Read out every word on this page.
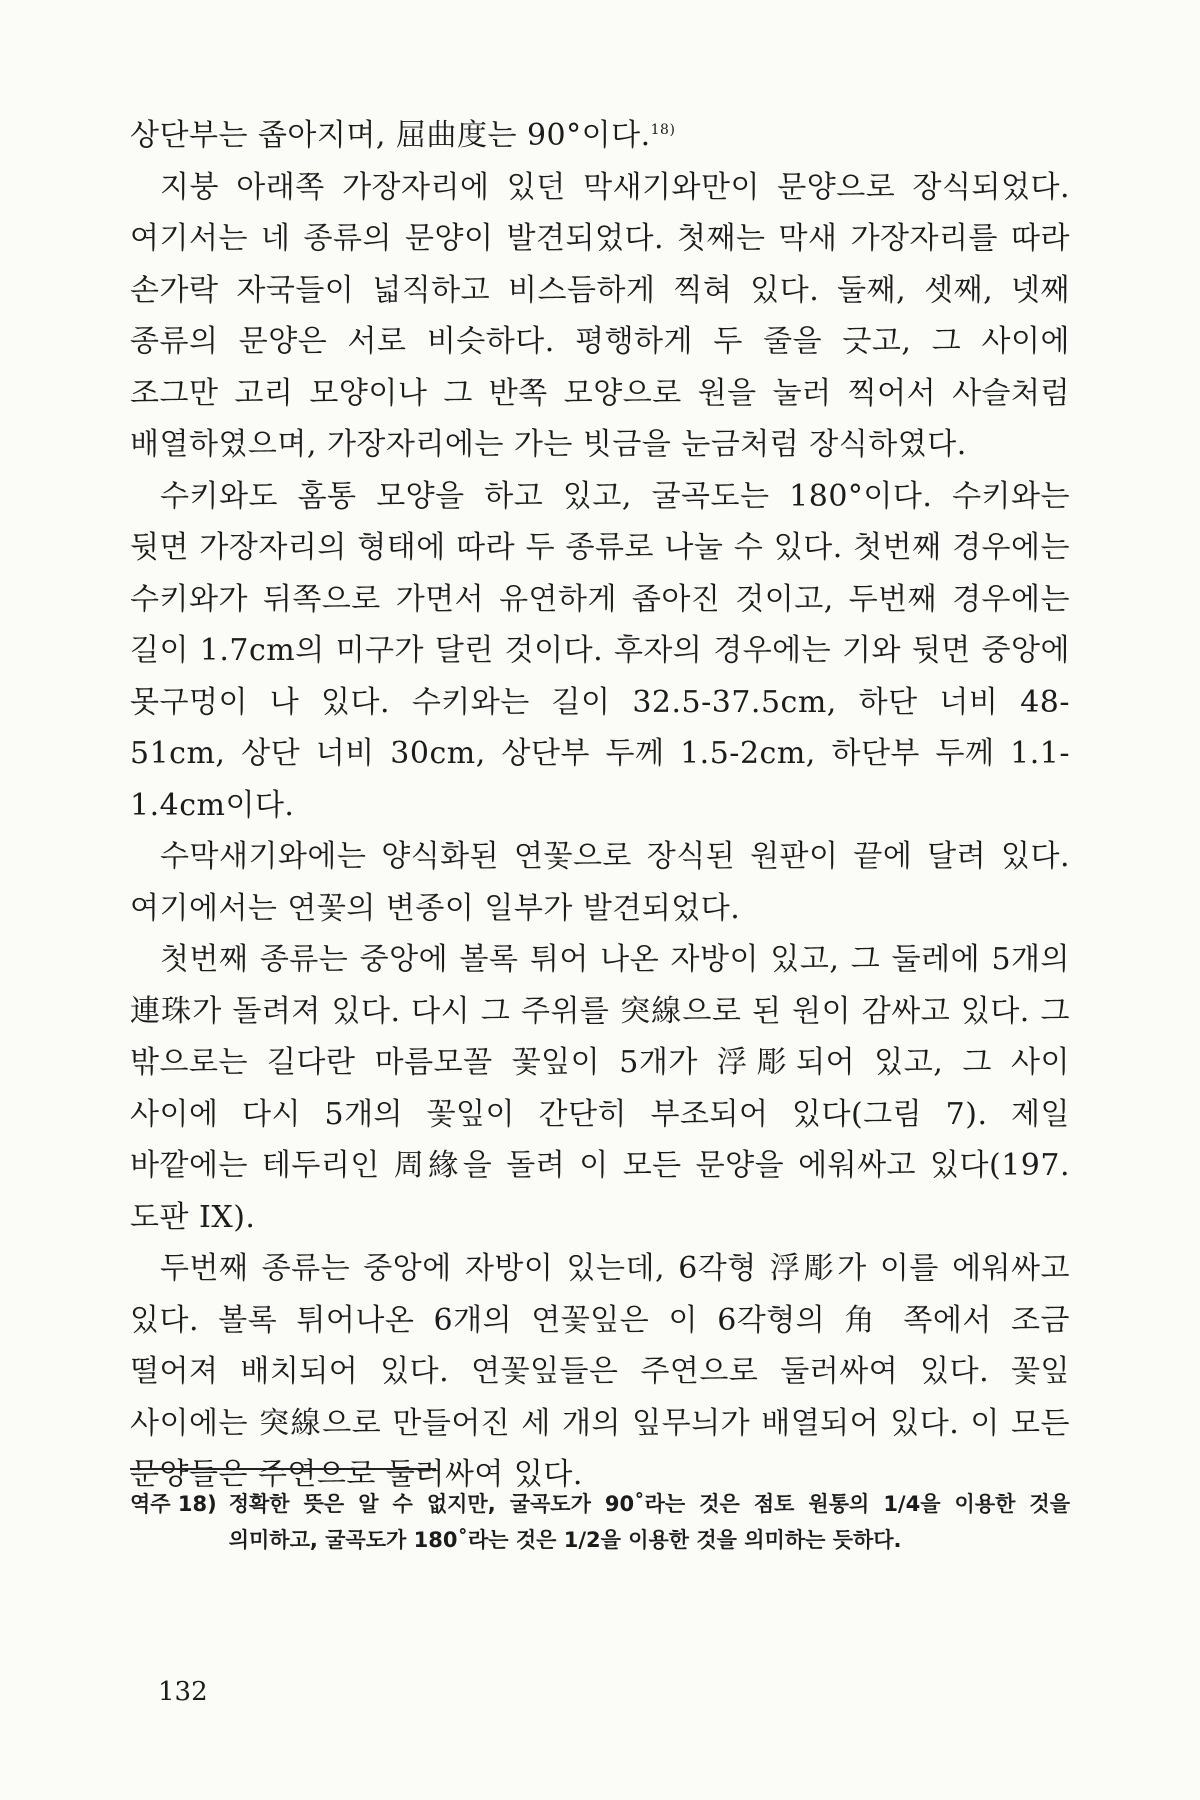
상단부는 좁아지며, 屈曲度는 90°이다.$^{18)}$

지붕 아래쪽 가장자리에 있던 막새기와만이 문양으로 장식되었다. 여기서는 네 종류의 문양이 발견되었다. 첫째는 막새 가장자리를 따라 손가락 자국들이 넓직하고 비스듬하게 찍혀 있다. 둘째, 셋째, 넷째 종류의 문양은 서로 비슷하다. 평행하게 두 줄을 긋고, 그 사이에 조그만 고리 모양이나 그 반쪽 모양으로 원을 눌러 찍어서 사슬처럼 배열하였으며, 가장자리에는 가는 빗금을 눈금처럼 장식하였다.

수키와도 홈통 모양을 하고 있고, 굴곡도는 180°이다. 수키와는 뒷면 가장자리의 형태에 따라 두 종류로 나눌 수 있다. 첫번째 경우에는 수키와가 뒤쪽으로 가면서 유연하게 좁아진 것이고, 두번째 경우에는 길이 1.7cm의 미구가 달린 것이다. 후자의 경우에는 기와 뒷면 중앙에 못구멍이 나 있다. 수키와는 길이 32.5-37.5cm, 하단 너비 48-51cm, 상단 너비 30cm, 상단부 두께 1.5-2cm, 하단부 두께 1.1-1.4cm이다.

수막새기와에는 양식화된 연꽃으로 장식된 원판이 끝에 달려 있다. 여기에서는 연꽃의 변종이 일부가 발견되었다.

첫번째 종류는 중앙에 볼록 튀어 나온 자방이 있고, 그 둘레에 5개의 連珠가 돌려져 있다. 다시 그 주위를 突線으로 된 원이 감싸고 있다. 그 밖으로는 길다란 마름모꼴 꽃잎이 5개가 浮彫되어 있고, 그 사이 사이에 다시 5개의 꽃잎이 간단히 부조되어 있다(그림 7). 제일 바깥에는 테두리인 周緣을 돌려 이 모든 문양을 에워싸고 있다(197. 도판 IX).

두번째 종류는 중앙에 자방이 있는데, 6각형 浮彫가 이를 에워싸고 있다. 볼록 튀어나온 6개의 연꽃잎은 이 6각형의 角 쪽에서 조금 떨어져 배치되어 있다. 연꽃잎들은 주연으로 둘러싸여 있다. 꽃잎 사이에는 突線으로 만들어진 세 개의 잎무늬가 배열되어 있다. 이 모든 문양들은 주연으로 둘러싸여 있다.

역주 18) 정확한 뜻은 알 수 없지만, 굴곡도가 90˚라는 것은 점토 원통의 1/4을 이용한 것을 의미하고, 굴곡도가 180˚라는 것은 1/2을 이용한 것을 의미하는 듯하다.
132
